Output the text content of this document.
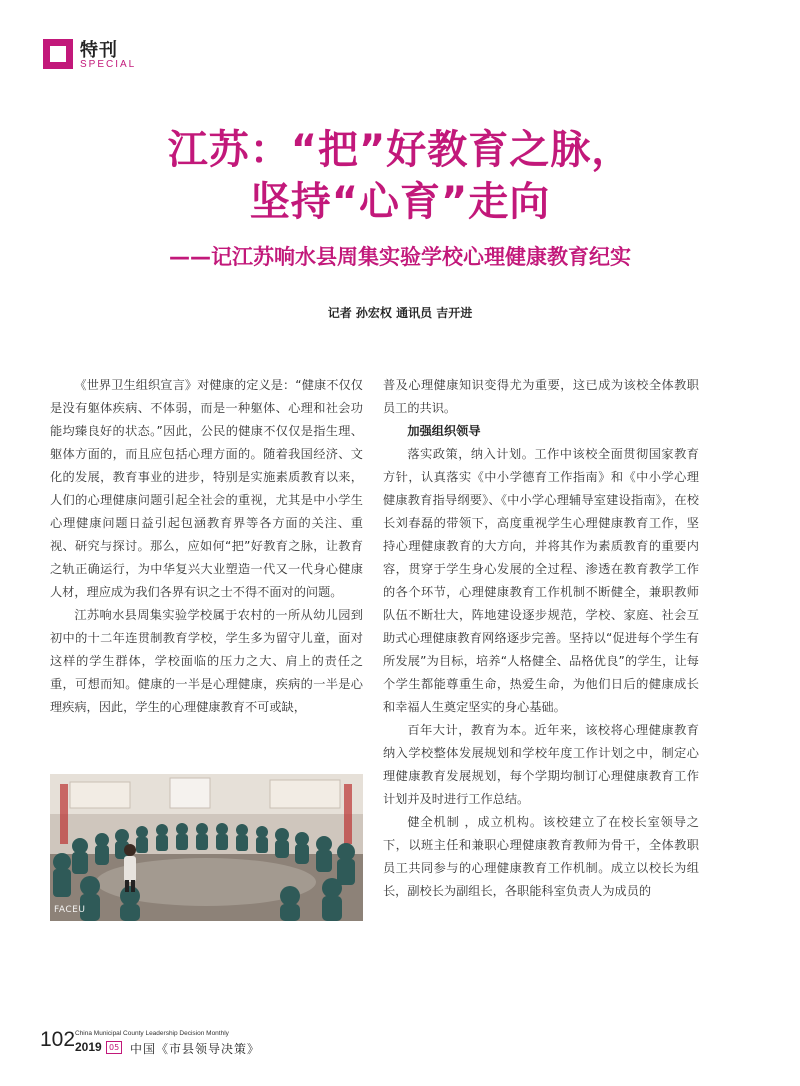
特刊
SPECIAL
江苏：“把”好教育之脉，
坚持“心育”走向
——记江苏响水县周集实验学校心理健康教育纪实
记者 孙宏权 通讯员 吉开进

《世界卫生组织宣言》对健康的定义是：“健康不仅仅是没有躯体疾病、不体弱，而是一种躯体、心理和社会功能均臻良好的状态。”因此，公民的健康不仅仅是指生理、躯体方面的，而且应包括心理方面的。随着我国经济、文化的发展，教育事业的进步，特别是实施素质教育以来，人们的心理健康问题引起全社会的重视，尤其是中小学生心理健康问题日益引起包涵教育界等各方面的关注、重视、研究与探讨。那么，应如何“把”好教育之脉，让教育之轨正确运行，为中华复兴大业塑造一代又一代身心健康人材，理应成为我们各界有识之士不得不面对的问题。

江苏响水县周集实验学校属于农村的一所从幼儿园到初中的十二年连贯制教育学校，学生多为留守儿童，面对这样的学生群体，学校面临的压力之大、肩上的责任之重，可想而知。健康的一半是心理健康，疾病的一半是心理疾病，因此，学生的心理健康教育不可或缺，

FACEU

普及心理健康知识变得尤为重要，这已成为该校全体教职员工的共识。

加强组织领导

落实政策，纳入计划。工作中该校全面贯彻国家教育方针，认真落实《中小学德育工作指南》和《中小学心理健康教育指导纲要》、《中小学心理辅导室建设指南》，在校长刘春磊的带领下，高度重视学生心理健康教育工作，坚持心理健康教育的大方向，并将其作为素质教育的重要内容，贯穿于学生身心发展的全过程、渗透在教育教学工作的各个环节，心理健康教育工作机制不断健全，兼职教师队伍不断壮大，阵地建设逐步规范，学校、家庭、社会互助式心理健康教育网络逐步完善。坚持以“促进每个学生有所发展”为目标，培养“人格健全、品格优良”的学生，让每个学生都能尊重生命，热爱生命，为他们日后的健康成长和幸福人生奠定坚实的身心基础。

百年大计，教育为本。近年来，该校将心理健康教育纳入学校整体发展规划和学校年度工作计划之中，制定心理健康教育发展规划，每个学期均制订心理健康教育工作计划并及时进行工作总结。

健全机制 ，成立机构。该校建立了在校长室领导之下，以班主任和兼职心理健康教育教师为骨干，全体教职员工共同参与的心理健康教育工作机制。成立以校长为组长，副校长为副组长，各职能科室负责人为成员的

102 China Municipal County Leadership Decision Monthly
2019 05 中国《市县领导决策》
